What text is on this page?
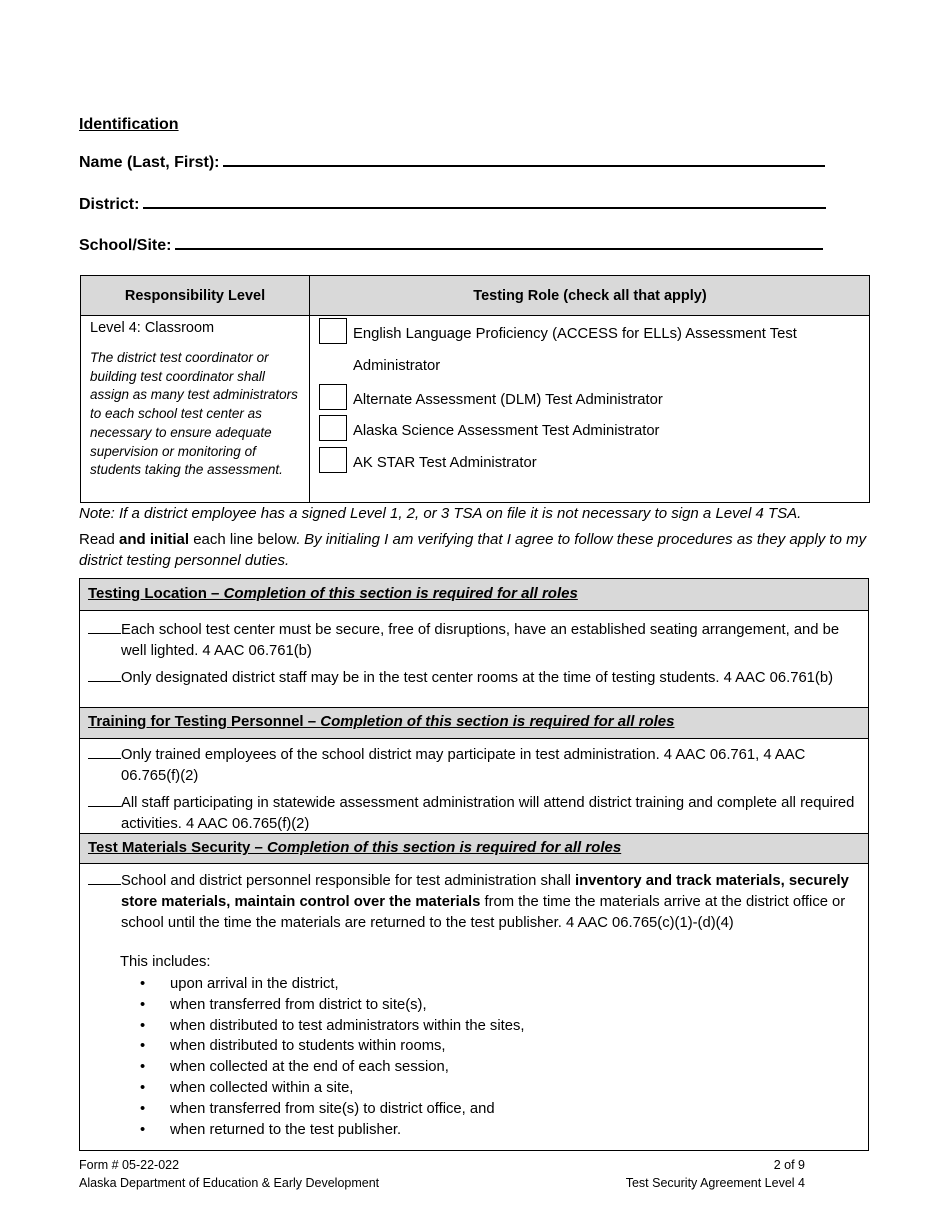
Identification
Name (Last, First):
District:
School/Site:
Responsibility Level	Testing Role (check all that apply)
Level 4: Classroom
The district test coordinator or building test coordinator shall assign as many test administrators to each school test center as necessary to ensure adequate supervision or monitoring of students taking the assessment.
English Language Proficiency (ACCESS for ELLs) Assessment Test
Administrator
Alternate Assessment (DLM) Test Administrator
Alaska Science Assessment Test Administrator
AK STAR Test Administrator
Note: If a district employee has a signed Level 1, 2, or 3 TSA on file it is not necessary to sign a Level 4 TSA.
Read and initial each line below. By initialing I am verifying that I agree to follow these procedures as they apply to my district testing personnel duties.
Testing Location – Completion of this section is required for all roles
Each school test center must be secure, free of disruptions, have an established seating arrangement, and be well lighted. 4 AAC 06.761(b)
Only designated district staff may be in the test center rooms at the time of testing students. 4 AAC 06.761(b)
Training for Testing Personnel – Completion of this section is required for all roles
Only trained employees of the school district may participate in test administration. 4 AAC 06.761, 4 AAC 06.765(f)(2)
All staff participating in statewide assessment administration will attend district training and complete all required activities. 4 AAC 06.765(f)(2)
Test Materials Security – Completion of this section is required for all roles
School and district personnel responsible for test administration shall inventory and track materials, securely store materials, maintain control over the materials from the time the materials arrive at the district office or school until the time the materials are returned to the test publisher. 4 AAC 06.765(c)(1)-(d)(4)
This includes:
• upon arrival in the district,
• when transferred from district to site(s),
• when distributed to test administrators within the sites,
• when distributed to students within rooms,
• when collected at the end of each session,
• when collected within a site,
• when transferred from site(s) to district office, and
• when returned to the test publisher.
Form # 05-22-022
Alaska Department of Education & Early Development
2 of 9
Test Security Agreement Level 4
